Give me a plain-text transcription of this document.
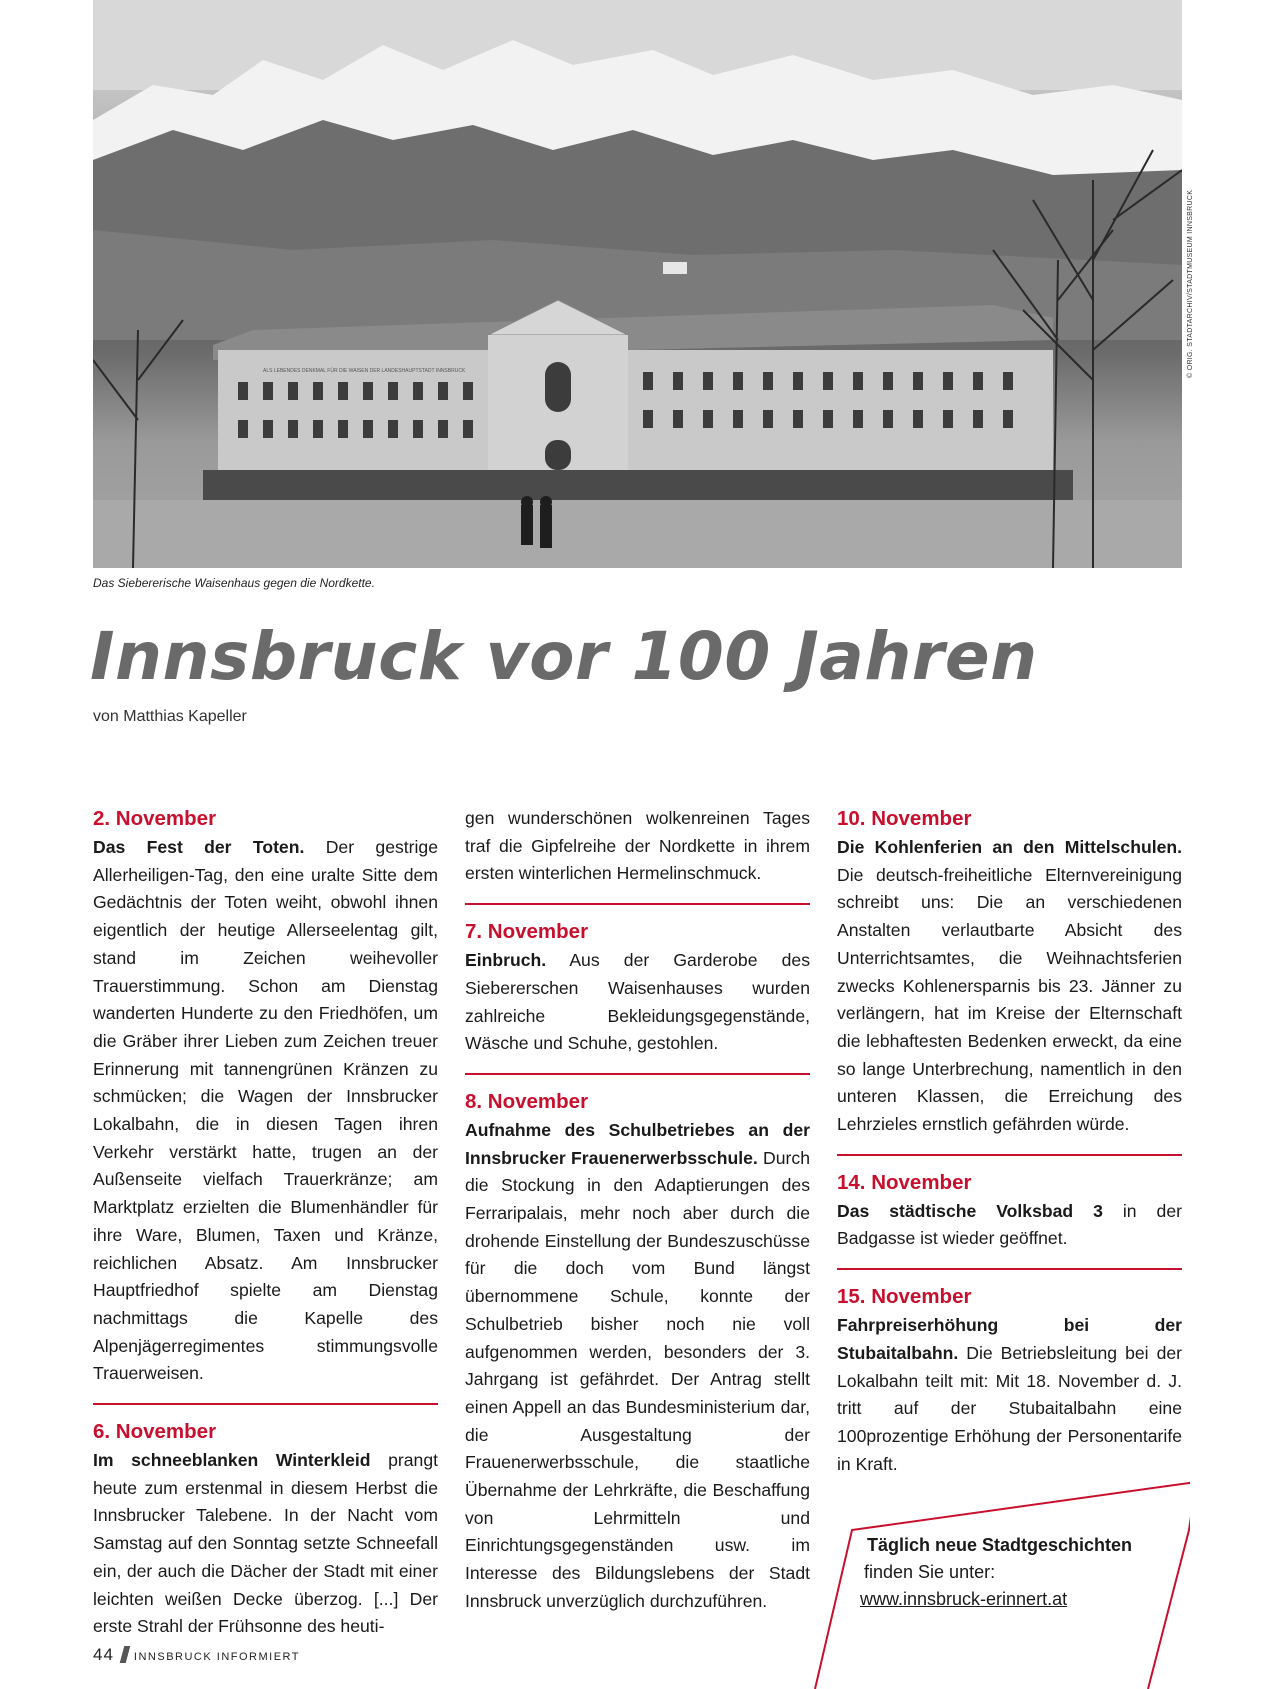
ALS LEBENDES DENKMAL FÜR DIE WAISEN DER LANDESHAUPTSTADT INNSBRUCK	© ORIG. STADTARCHIV/STADTMUSEUM INNSBRUCK
Das Siebererische Waisenhaus gegen die Nordkette.
Innsbruck vor 100 Jahren
von Matthias Kapeller
2. November

Das Fest der Toten. Der gestrige Allerheiligen-Tag, den eine uralte Sitte dem Gedächtnis der Toten weiht, obwohl ihnen eigentlich der heutige Allerseelentag gilt, stand im Zeichen weihevoller Trauerstimmung. Schon am Dienstag wanderten Hunderte zu den Friedhöfen, um die Gräber ihrer Lieben zum Zeichen treuer Erinnerung mit tannengrünen Kränzen zu schmücken; die Wagen der Innsbrucker Lokalbahn, die in diesen Tagen ihren Verkehr verstärkt hatte, trugen an der Außenseite vielfach Trauerkränze; am Marktplatz erzielten die Blumenhändler für ihre Ware, Blumen, Taxen und Kränze, reichlichen Absatz. Am Innsbrucker Hauptfriedhof spielte am Dienstag nachmittags die Kapelle des Alpenjägerregimentes stimmungsvolle Trauerweisen.

6. November

Im schneeblanken Winterkleid prangt heute zum erstenmal in diesem Herbst die Innsbrucker Talebene. In der Nacht vom Samstag auf den Sonntag setzte Schneefall ein, der auch die Dächer der Stadt mit einer leichten weißen Decke überzog. [...] Der erste Strahl der Frühsonne des heuti-

gen wunderschönen wolkenreinen Tages traf die Gipfelreihe der Nordkette in ihrem ersten winterlichen Hermelinschmuck.

7. November

Einbruch. Aus der Garderobe des Siebererschen Waisenhauses wurden zahlreiche Bekleidungsgegenstände, Wäsche und Schuhe, gestohlen.

8. November

Aufnahme des Schulbetriebes an der Innsbrucker Frauenerwerbsschule. Durch die Stockung in den Adaptierungen des Ferraripalais, mehr noch aber durch die drohende Einstellung der Bundeszuschüsse für die doch vom Bund längst übernommene Schule, konnte der Schulbetrieb bisher noch nie voll aufgenommen werden, besonders der 3. Jahrgang ist gefährdet. Der Antrag stellt einen Appell an das Bundesministerium dar, die Ausgestaltung der Frauenerwerbsschule, die staatliche Übernahme der Lehrkräfte, die Beschaffung von Lehrmitteln und Einrichtungsgegenständen usw. im Interesse des Bildungslebens der Stadt Innsbruck unverzüglich durchzuführen.

10. November

Die Kohlenferien an den Mittelschulen. Die deutsch-freiheitliche Elternvereinigung schreibt uns: Die an verschiedenen Anstalten verlautbarte Absicht des Unterrichtsamtes, die Weihnachtsferien zwecks Kohlenersparnis bis 23. Jänner zu verlängern, hat im Kreise der Elternschaft die lebhaftesten Bedenken erweckt, da eine so lange Unterbrechung, namentlich in den unteren Klassen, die Erreichung des Lehrzieles ernstlich gefährden würde.

14. November

Das städtische Volksbad 3 in der Badgasse ist wieder geöffnet.

15. November

Fahrpreiserhöhung bei der Stubaitalbahn. Die Betriebsleitung bei der Lokalbahn teilt mit: Mit 18. November d. J. tritt auf der Stubaitalbahn eine 100prozentige Erhöhung der Personentarife in Kraft.

Täglich neue Stadtgeschichten
finden Sie unter:
www.innsbruck-erinnert.at
44 INNSBRUCK INFORMIERT
